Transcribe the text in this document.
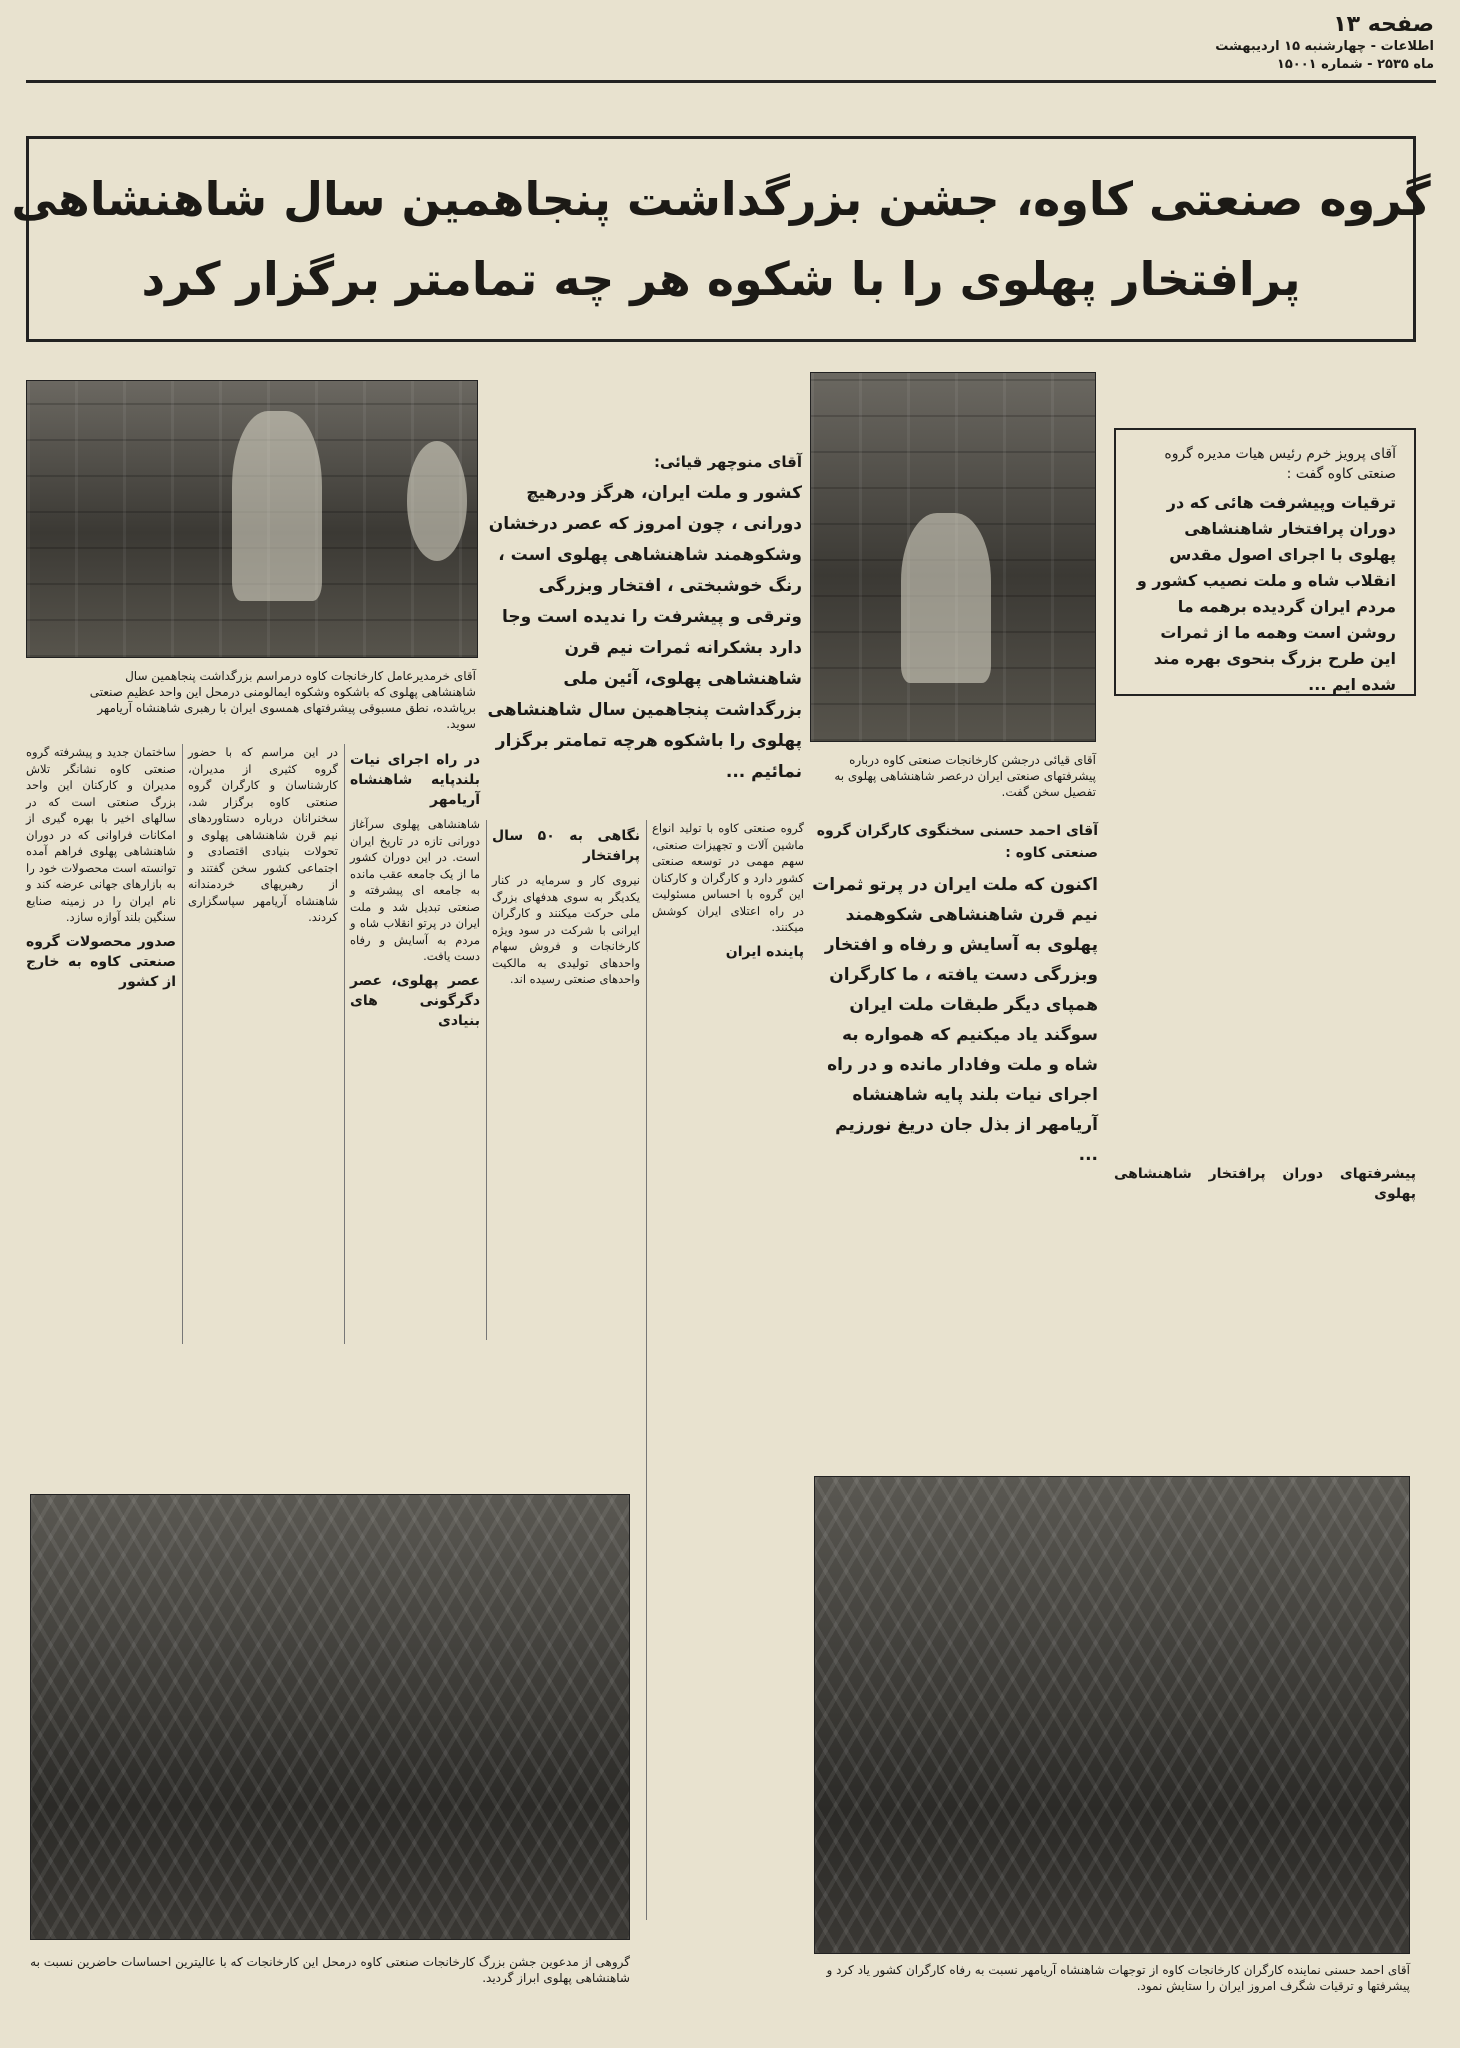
صفحه ۱۳
اطلاعات - چهارشنبه ۱۵ اردیبهشت
ماه ۲۵۳۵ - شماره ۱۵۰۰۱
گروه صنعتی کاوه، جشن بزرگداشت پنجاهمین سال شاهنشاهی
پرافتخار پهلوی را با شکوه هر چه تمامتر برگزار کرد
آقای خرمدیرعامل کارخانجات کاوه درمراسم بزرگداشت پنجاهمین سال شاهنشاهی پهلوی که باشکوه وشکوه ایمالومنی درمحل این واحد عظیم صنعتی برپاشده، نطق مسبوقی پیشرفتهای همسوی ایران با رهبری شاهنشاه آریامهر سوید.
آقای منوچهر قیائی:
کشور و ملت ایران، هرگز ودرهیچ دورانی ، چون امروز که عصر درخشان وشکوهمند شاهنشاهی پهلوی است ، رنگ خوشبختی ، افتخار وبزرگی وترقی و پیشرفت را ندیده است وجا دارد بشکرانه ثمرات نیم قرن شاهنشاهی پهلوی، آئین ملی بزرگداشت پنجاهمین سال شاهنشاهی پهلوی را باشکوه هرچه تمامتر برگزار نمائیم ...
آقای قیائی درجشن کارخانجات صنعتی کاوه درباره پیشرفتهای صنعتی ایران درعصر شاهنشاهی پهلوی به تفصیل سخن گفت.
آقای پرویز خرم رئیس هیات مدیره گروه صنعتی کاوه گفت :
ترقیات وپیشرفت هائی که در دوران پرافتخار شاهنشاهی پهلوی با اجرای اصول مقدس انقلاب شاه و ملت نصیب کشور و مردم ایران گردیده برهمه ما روشن است وهمه ما از ثمرات این طرح بزرگ بنحوی بهره مند شده ایم ...
آقای احمد حسنی سخنگوی کارگران گروه صنعتی کاوه :
اکنون که ملت ایران در پرتو ثمرات نیم قرن شاهنشاهی شکوهمند پهلوی به آسایش و رفاه و افتخار وبزرگی دست یافته ، ما کارگران همپای دیگر طبقات ملت ایران سوگند یاد میکنیم که همواره به شاه و ملت وفادار مانده و در راه اجرای نیات بلند پایه شاهنشاه آریامهر از بذل جان دریغ نورزیم ...
ساختمان جدید و پیشرفته گروه صنعتی کاوه نشانگر تلاش مدیران و کارکنان این واحد بزرگ صنعتی است که در سالهای اخیر با بهره گیری از امکانات فراوانی که در دوران شاهنشاهی پهلوی فراهم آمده توانسته است محصولات خود را به بازارهای جهانی عرضه کند و نام ایران را در زمینه صنایع سنگین بلند آوازه سازد.
صدور محصولات گروه صنعتی کاوه به خارج از کشور
در این مراسم که با حضور گروه کثیری از مدیران، کارشناسان و کارگران گروه صنعتی کاوه برگزار شد، سخنرانان درباره دستاوردهای نیم قرن شاهنشاهی پهلوی و تحولات بنیادی اقتصادی و اجتماعی کشور سخن گفتند و از رهبریهای خردمندانه شاهنشاه آریامهر سپاسگزاری کردند.
در راه اجرای نیات بلندپایه شاهنشاه آریامهر
شاهنشاهی پهلوی سرآغاز دورانی تازه در تاریخ ایران است. در این دوران کشور ما از یک جامعه عقب مانده به جامعه ای پیشرفته و صنعتی تبدیل شد و ملت ایران در پرتو انقلاب شاه و مردم به آسایش و رفاه دست یافت.
عصر پهلوی، عصر دگرگونی های بنیادی
نگاهی به ۵۰ سال پرافتخار
نیروی کار و سرمایه در کنار یکدیگر به سوی هدفهای بزرگ ملی حرکت میکنند و کارگران ایرانی با شرکت در سود ویژه کارخانجات و فروش سهام واحدهای تولیدی به مالکیت واحدهای صنعتی رسیده اند.
گروه صنعتی کاوه با تولید انواع ماشین آلات و تجهیزات صنعتی، سهم مهمی در توسعه صنعتی کشور دارد و کارگران و کارکنان این گروه با احساس مسئولیت در راه اعتلای ایران کوشش میکنند.
پاینده ایران
پیشرفتهای دوران پرافتخار شاهنشاهی پهلوی
گروهی از مدعوین جشن بزرگ کارخانجات صنعتی کاوه درمحل این کارخانجات که با عالیترین احساسات حاضرین نسبت به شاهنشاهی پهلوی ابراز گردید.
آقای احمد حسنی نماینده کارگران کارخانجات کاوه از توجهات شاهنشاه آریامهر نسبت به رفاه کارگران کشور یاد کرد و پیشرفتها و ترقیات شگرف امروز ایران را ستایش نمود.
